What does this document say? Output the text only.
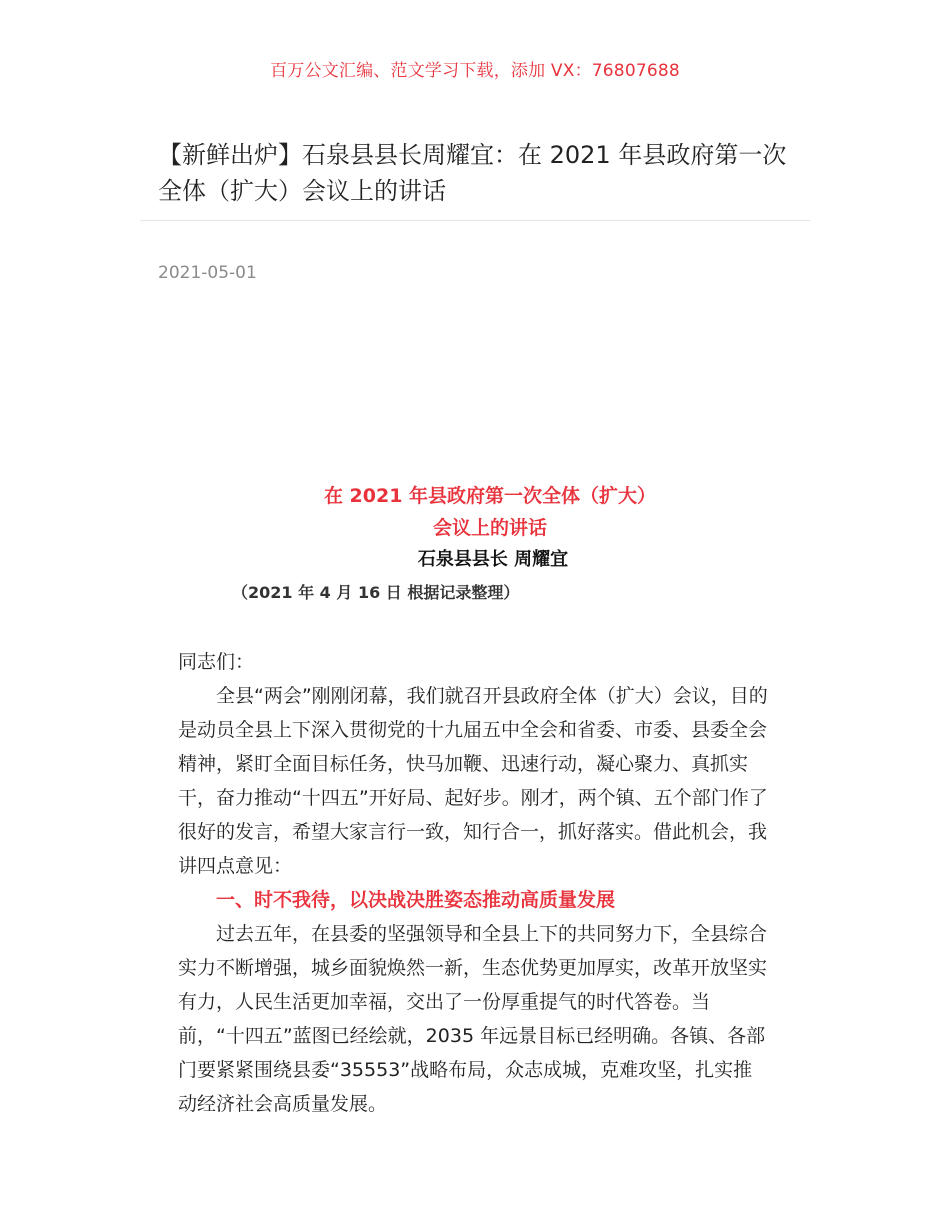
百万公文汇编、范文学习下载，添加 VX：76807688
【新鲜出炉】石泉县县长周耀宜：在 2021 年县政府第一次全体（扩大）会议上的讲话
2021-05-01
在 2021 年县政府第一次全体（扩大）
会议上的讲话
石泉县县长 周耀宜
（2021 年 4 月 16 日 根据记录整理）

同志们：

全县“两会”刚刚闭幕，我们就召开县政府全体（扩大）会议，目的是动员全县上下深入贯彻党的十九届五中全会和省委、市委、县委全会精神，紧盯全面目标任务，快马加鞭、迅速行动，凝心聚力、真抓实干，奋力推动“十四五”开好局、起好步。刚才，两个镇、五个部门作了很好的发言，希望大家言行一致，知行合一，抓好落实。借此机会，我讲四点意见：

一、时不我待，以决战决胜姿态推动高质量发展

过去五年，在县委的坚强领导和全县上下的共同努力下，全县综合实力不断增强，城乡面貌焕然一新，生态优势更加厚实，改革开放坚实有力，人民生活更加幸福，交出了一份厚重提气的时代答卷。当前，“十四五”蓝图已经绘就，2035 年远景目标已经明确。各镇、各部门要紧紧围绕县委“35553”战略布局，众志成城，克难攻坚，扎实推动经济社会高质量发展。
